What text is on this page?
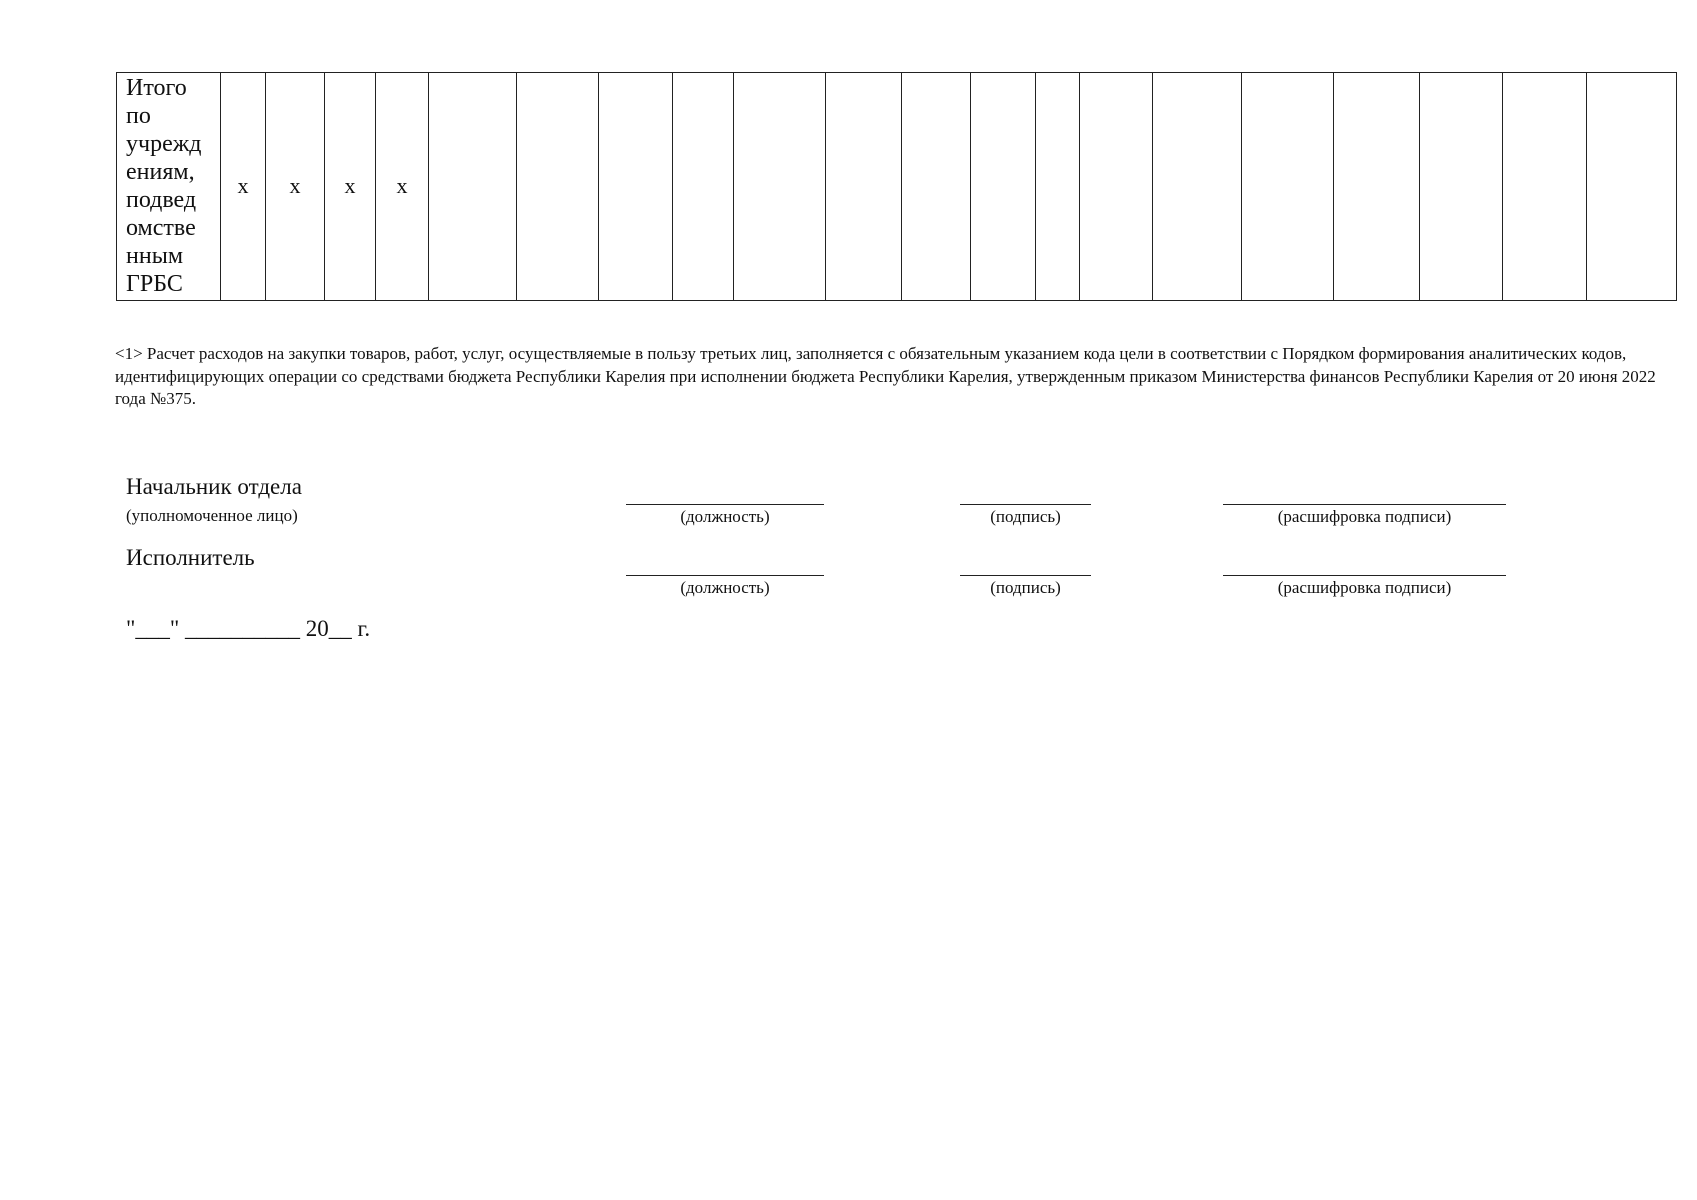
Итого
по
учрежд
ениям,
подвед
омстве
нным
ГРБС

x x x x

<1> Расчет расходов на закупки товаров, работ, услуг, осуществляемые в пользу третьих лиц, заполняется с обязательным указанием кода цели в соответствии с Порядком формирования аналитических кодов, идентифицирующих операции со средствами бюджета Республики Карелия при исполнении бюджета Республики Карелия, утвержденным приказом Министерства финансов Республики Карелия от 20 июня 2022 года №375.

Начальник отдела

(уполномоченное лицо)	(должность)	(подпись)	(расшифровка подписи)

Исполнитель

(должность)	(подпись)	(расшифровка подписи)

"___" __________ 20__ г.
